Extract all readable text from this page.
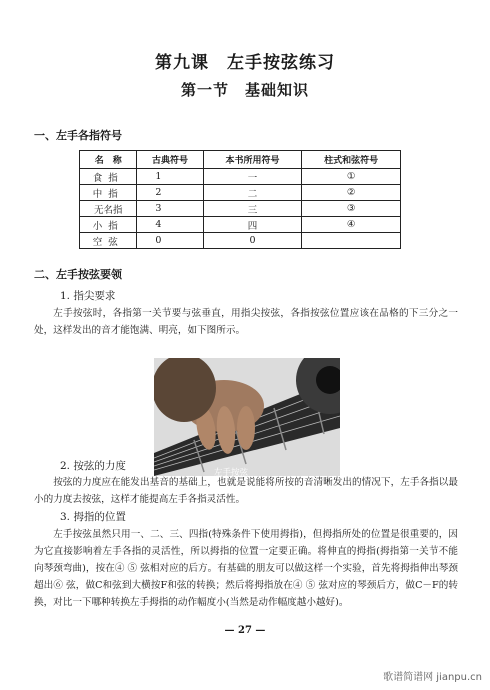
第九课　左手按弦练习
第一节　基础知识
一、左手各指符号
名　称	古典符号	本书所用符号	柱式和弦符号
食指	1	一	①
中指	2	二	②
无名指	3	三	③
小指	4	四	④
空弦	0	0	
二、左手按弦要领
1. 指尖要求
左手按弦时，各指第一关节要与弦垂直，用指尖按弦，各指按弦位置应该在品格的下三分之一处，这样发出的音才能饱满、明亮，如下图所示。
左手按弦
2. 按弦的力度
按弦的力度应在能发出基音的基础上，也就是说能将所按的音清晰发出的情况下，左手各指以最小的力度去按弦，这样才能提高左手各指灵活性。
3. 拇指的位置
左手按弦虽然只用一、二、三、四指(特殊条件下使用拇指)，但拇指所处的位置是很重要的，因为它直接影响着左手各指的灵活性，所以拇指的位置一定要正确。将伸直的拇指(拇指第一关节不能向琴颈弯曲)，按在④ ⑤ 弦相对应的后方。有基础的朋友可以做这样一个实验，首先将拇指伸出琴颈超出⑥ 弦，做C和弦到大横按F和弦的转换；然后将拇指放在④ ⑤ 弦对应的琴颈后方，做C－F的转换，对比一下哪种转换左手拇指的动作幅度小(当然是动作幅度越小越好)。
— 27 —
歌谱简谱网 jianpu.cn
